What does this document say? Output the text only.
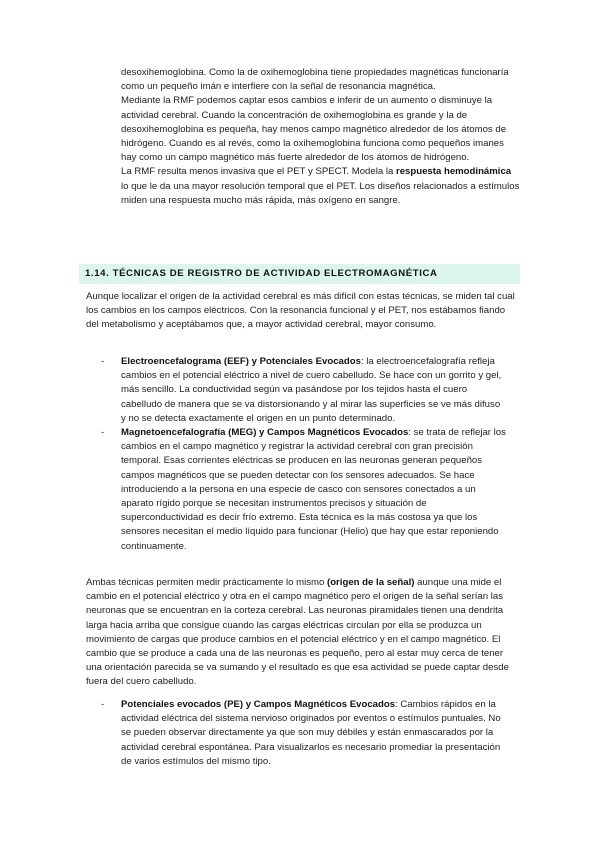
desoxihemoglobina. Como la de oxihemoglobina tiene propiedades magnéticas funcionaría como un pequeño imán e interfiere con la señal de resonancia magnética.

Mediante la RMF podemos captar esos cambios e inferir de un aumento o disminuye la actividad cerebral. Cuando la concentración de oxihemoglobina es grande y la de desoxihemoglobina es pequeña, hay menos campo magnético alrededor de los átomos de hidrógeno. Cuando es al revés, como la oxihemoglobina funciona como pequeños imanes hay como un campo magnético más fuerte alrededor de los átomos de hidrógeno.

La RMF resulta menos invasiva que el PET y SPECT. Modela la respuesta hemodinámica lo que le da una mayor resolución temporal que el PET. Los diseños relacionados a estímulos miden una respuesta mucho más rápida, más oxígeno en sangre.

1.14. TÉCNICAS DE REGISTRO DE ACTIVIDAD ELECTROMAGNÉTICA

Aunque localizar el origen de la actividad cerebral es más difícil con estas técnicas, se miden tal cual los cambios en los campos eléctricos. Con la resonancia funcional y el PET, nos estábamos fiando del metabolismo y aceptábamos que, a mayor actividad cerebral, mayor consumo.

- Electroencefalograma (EEF) y Potenciales Evocados: la electroencefalografía refleja cambios en el potencial eléctrico a nivel de cuero cabelludo. Se hace con un gorrito y gel, más sencillo. La conductividad según va pasándose por los tejidos hasta el cuero cabelludo de manera que se va distorsionando y al mirar las superficies se ve más difuso y no se detecta exactamente el origen en un punto determinado.

- Magnetoencefalografía (MEG) y Campos Magnéticos Evocados: se trata de reflejar los cambios en el campo magnético y registrar la actividad cerebral con gran precisión temporal. Esas corrientes eléctricas se producen en las neuronas generan pequeños campos magnéticos que se pueden detectar con los sensores adecuados. Se hace introduciendo a la persona en una especie de casco con sensores conectados a un aparato rígido porque se necesitan instrumentos precisos y situación de superconductividad es decir frío extremo. Esta técnica es la más costosa ya que los sensores necesitan el medio líquido para funcionar (Helio) que hay que estar reponiendo continuamente.

Ambas técnicas permiten medir prácticamente lo mismo (origen de la señal) aunque una mide el cambio en el potencial eléctrico y otra en el campo magnético pero el origen de la señal serían las neuronas que se encuentran en la corteza cerebral. Las neuronas piramidales tienen una dendrita larga hacia arriba que consigue cuando las cargas eléctricas circulan por ella se produzca un movimiento de cargas que produce cambios en el potencial eléctrico y en el campo magnético. El cambio que se produce a cada una de las neuronas es pequeño, pero al estar muy cerca de tener una orientación parecida se va sumando y el resultado es que esa actividad se puede captar desde fuera del cuero cabelludo.

- Potenciales evocados (PE) y Campos Magnéticos Evocados: Cambios rápidos en la actividad eléctrica del sistema nervioso originados por eventos o estímulos puntuales. No se pueden observar directamente ya que son muy débiles y están enmascarados por la actividad cerebral espontánea. Para visualizarlos es necesario promediar la presentación de varios estímulos del mismo tipo.
